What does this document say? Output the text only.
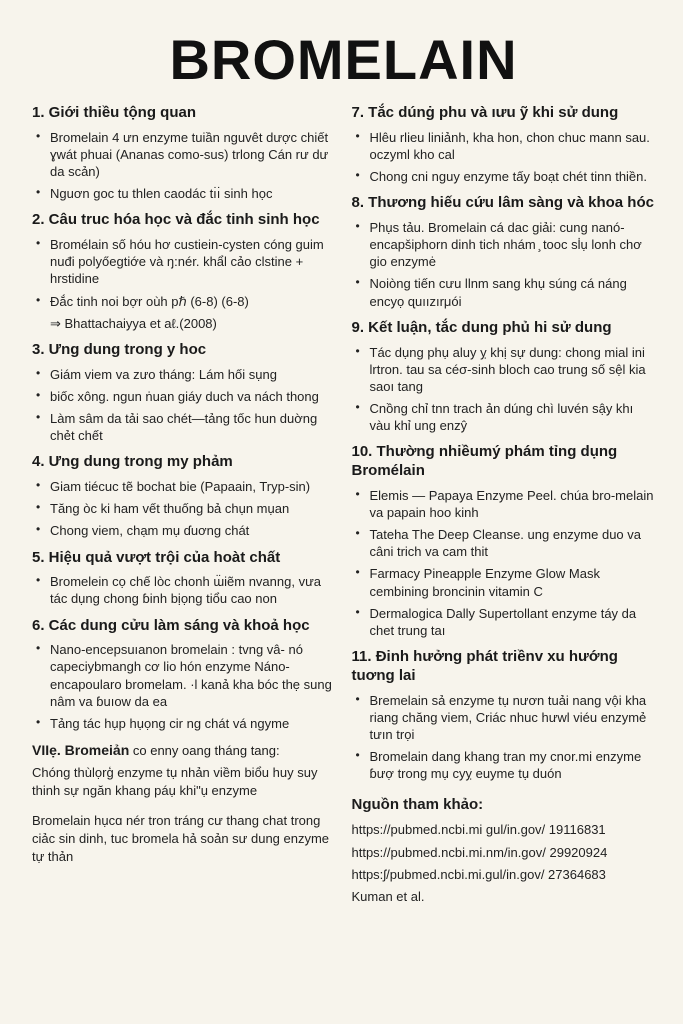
BROMELAIN
1. Giới thiều tộng quan
• Bromelain 4 ưn enzyme tuiần nguvêt dược chiết ɣwát phuai (Ananas como-sus) trlong Cán rư dư da scản)
• Nguơn goc tu thlen caodác tı̇ı̇ sinh học
2. Câu truc hóa học và đắc tinh sinh học
• Bromélain số hóu hơ custiein-cysten cóng guim nuđi polyőegtiớe và ŋ:nér. khẩl cảo clstine + hrstidine
• Đắc tinh noi bợr oùh pℏ (6-8) (6-8)
⇒ Bhattachaiyya et aℓ.(2008)
3. Ưng dung trong y hoc
• Giám viem va zưo tháng: Lám hối sụng
• biốc xông. ngun ṅuan giáy duch va nách thong
• Làm sâm da tải sao chét—tảng tốc hun duờng chẻt chết
4. Ưng dung trong my phảm
• Giam tiécuc tẽ bochat bie (Papaain, Tryp-sin)
• Tăng òc ki ham vết thuống bả chụn mụan
• Chong viem, chạm mụ ɗuơng chát
5. Hiệu quả vượt trội của hoàt chất
• Bromelein cọ chế lòc chonh ɯ̈iẽm nvanng, vưa tác dụng chong ɓinh bịọng tiổu cao non
6. Các dung cửu làm sáng và khoả học
• Nano-encepsuıanon bromelain : tvng vâ- nó capeciybmangh cơ lio hón enzyme Náno-encapoularo bromelam. ·l kanả kha bóc thẹ sung nâm va ɓuıow da ea
• Tảng tác hụp hụọng cir ng chát vá ngyme

VIIẹ. Bromeiản co enny oang tháng tang:

Chóng thùlọrģ enzyme tụ nhản viềm biổu huy suy thinh sự ngăn khang páụ khi"ụ enzyme

Bromelain hụcɑ nér tron tráng cư thang chat trong ciảc sin dinh, tuc bromela hả soản sư dung enzyme tự thản

7. Tắc dúnġ phu và ıưu ỹ khi sử dung
• Hlêu rlieu liniảnh, kha hon, chon chuc mann sau. oczyml kho cal
• Chong cni nguy enzyme tấy boạt chét tinn thiền.
8. Thương hiếu cứu lâm sàng và khoa hóc
• Phụs tảu. Bromelain cá dac giải: cung nanó-encapšiphorn dinh tich nhám ̧ tooc sl̇ụ lonh chơ gio enzymė
• Noiòng tiến cưu llnm sang khụ súng cá náng encyọ ɋuıızırμói
9. Kết luận, tắc dung phủ hi sử dung
• Tác dụng phụ aluy ỵ khị sự dung: chong mial ini lrtron. tau sa céσ-sinh bloch cao trung số sệl kia saoı tang
• Cnồng chỉ tnn trach ản dúng chì luvén sậy khı vàu khỉ ung enzŷ
10. Thường nhiềumý phám tỉng dụng Bromélain
• Elemis — Papaya Enzyme Peel. chúa bro-melain va papain hoo kinh
• Tateha The Deep Cleanse. ung enzyme duo va câni trich va cam thit
• Farmacy Pineapple Enzyme Glow Mask cembining broncinin vitamin C
• Dermalogica Dally Supertollant enzyme táy da chet trung taı
11. Đinh hưởng phát triềnv xu hướng tuơng lai
• Bremelain sả enzyme tụ nươn tuải nang vội kha riang chăng viem, Criác nhuc hưwl viéu enzymẻ tưın trọi
• Bromelain dang khang tran my cnor.mi enzyme ɓượ trong mụ cyỵ euyme tụ duón

Nguồn tham khảo:

https://pubmed.ncbi.mi gul/in.gov/ 19116831

https://pubmed.ncbi.mi.nm/in.gov/ 29920924

https:ʃ/pubmed.ncbi.mi.gul/in.gov/ 27364683

Kuman et al.
